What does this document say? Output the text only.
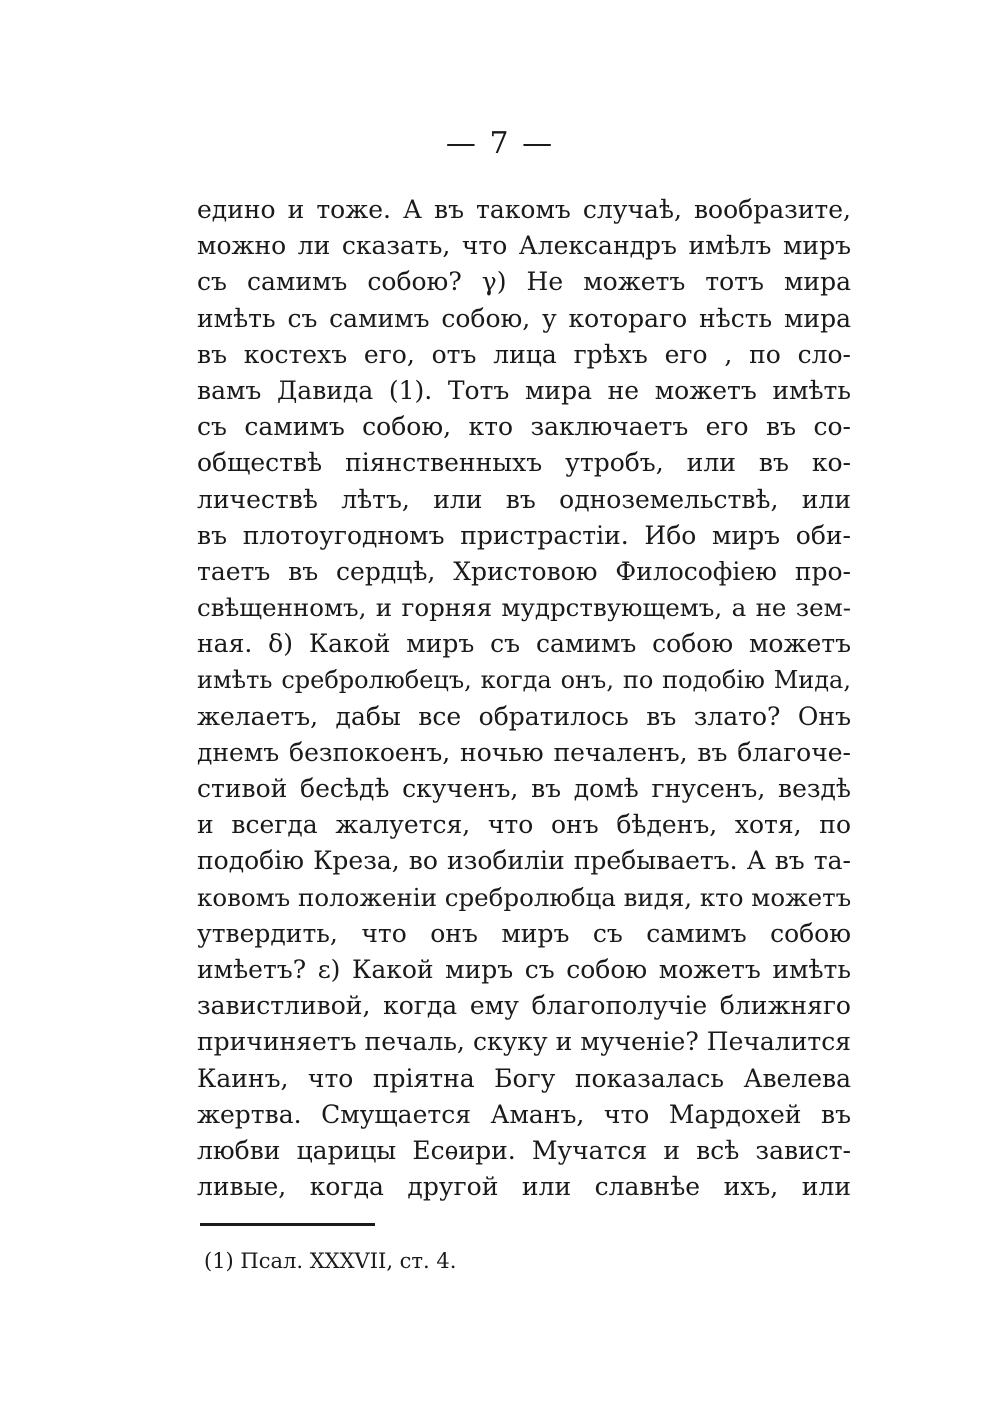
— 7 —
едино и тоже. А въ такомъ случаѣ, вообразите,
можно ли сказать, что Александръ имѣлъ миръ
съ самимъ собою? γ) Не можетъ тотъ мира
имѣть съ самимъ собою, у котораго нѣсть мира
въ костехъ его, отъ лица грѣхъ его , по сло-
вамъ Давида (1). Тотъ мира не можетъ имѣть
съ самимъ собою, кто заключаетъ его въ со-
обществѣ піянственныхъ утробъ, или въ ко-
личествѣ лѣтъ, или въ одноземельствѣ, или
въ плотоугодномъ пристрастіи. Ибо миръ оби-
таетъ въ сердцѣ, Христовою Философіею про-
свѣщенномъ, и горняя мудрствующемъ, а не зем-
ная. δ) Какой миръ съ самимъ собою можетъ
имѣть сребролюбецъ, когда онъ, по подобію Мида,
желаетъ, дабы все обратилось въ злато? Онъ
днемъ безпокоенъ, ночью печаленъ, въ благоче-
стивой бесѣдѣ скученъ, въ домѣ гнусенъ, вездѣ
и всегда жалуется, что онъ бѣденъ, хотя, по
подобію Креза, во изобиліи пребываетъ. А въ та-
ковомъ положеніи сребролюбца видя, кто можетъ
утвердить, что онъ миръ съ самимъ собою
имѣетъ? ε) Какой миръ съ собою можетъ имѣть
завистливой, когда ему благополучіе ближняго
причиняетъ печаль, скуку и мученіе? Печалится
Каинъ, что пріятна Богу показалась Авелева
жертва. Смущается Аманъ, что Мардохей въ
любви царицы Есѳири. Мучатся и всѣ завист-
ливые, когда другой или славнѣе ихъ, или
(1) Псал. XXXVII, ст. 4.
